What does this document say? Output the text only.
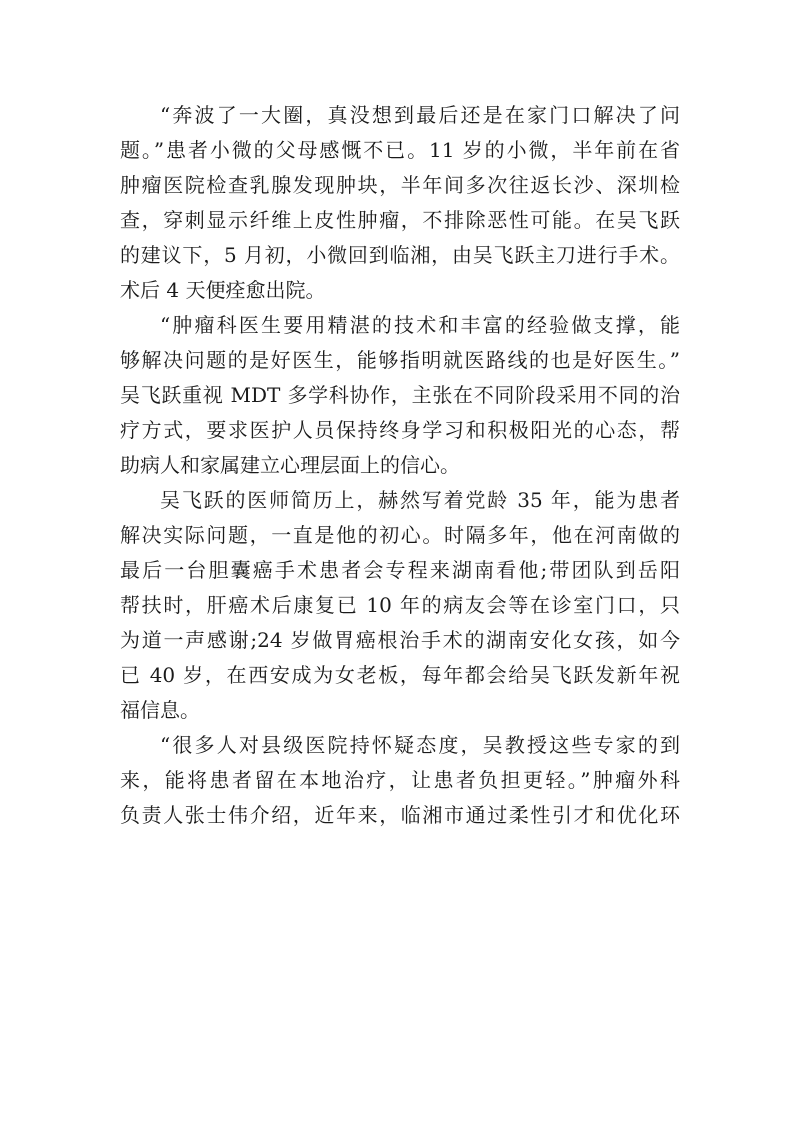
“奔波了一大圈，真没想到最后还是在家门口解决了问
题。”患者小微的父母感慨不已。11 岁的小微，半年前在省
肿瘤医院检查乳腺发现肿块，半年间多次往返长沙、深圳检
查，穿刺显示纤维上皮性肿瘤，不排除恶性可能。在吴飞跃
的建议下，5 月初，小微回到临湘，由吴飞跃主刀进行手术。
术后 4 天便痊愈出院。
“肿瘤科医生要用精湛的技术和丰富的经验做支撑，能
够解决问题的是好医生，能够指明就医路线的也是好医生。”
吴飞跃重视 MDT 多学科协作，主张在不同阶段采用不同的治
疗方式，要求医护人员保持终身学习和积极阳光的心态，帮
助病人和家属建立心理层面上的信心。
吴飞跃的医师简历上，赫然写着党龄 35 年，能为患者
解决实际问题，一直是他的初心。时隔多年，他在河南做的
最后一台胆囊癌手术患者会专程来湖南看他;带团队到岳阳
帮扶时，肝癌术后康复已 10 年的病友会等在诊室门口，只
为道一声感谢;24 岁做胃癌根治手术的湖南安化女孩，如今
已 40 岁，在西安成为女老板，每年都会给吴飞跃发新年祝
福信息。
“很多人对县级医院持怀疑态度，吴教授这些专家的到
来，能将患者留在本地治疗，让患者负担更轻。”肿瘤外科
负责人张士伟介绍，近年来，临湘市通过柔性引才和优化环
